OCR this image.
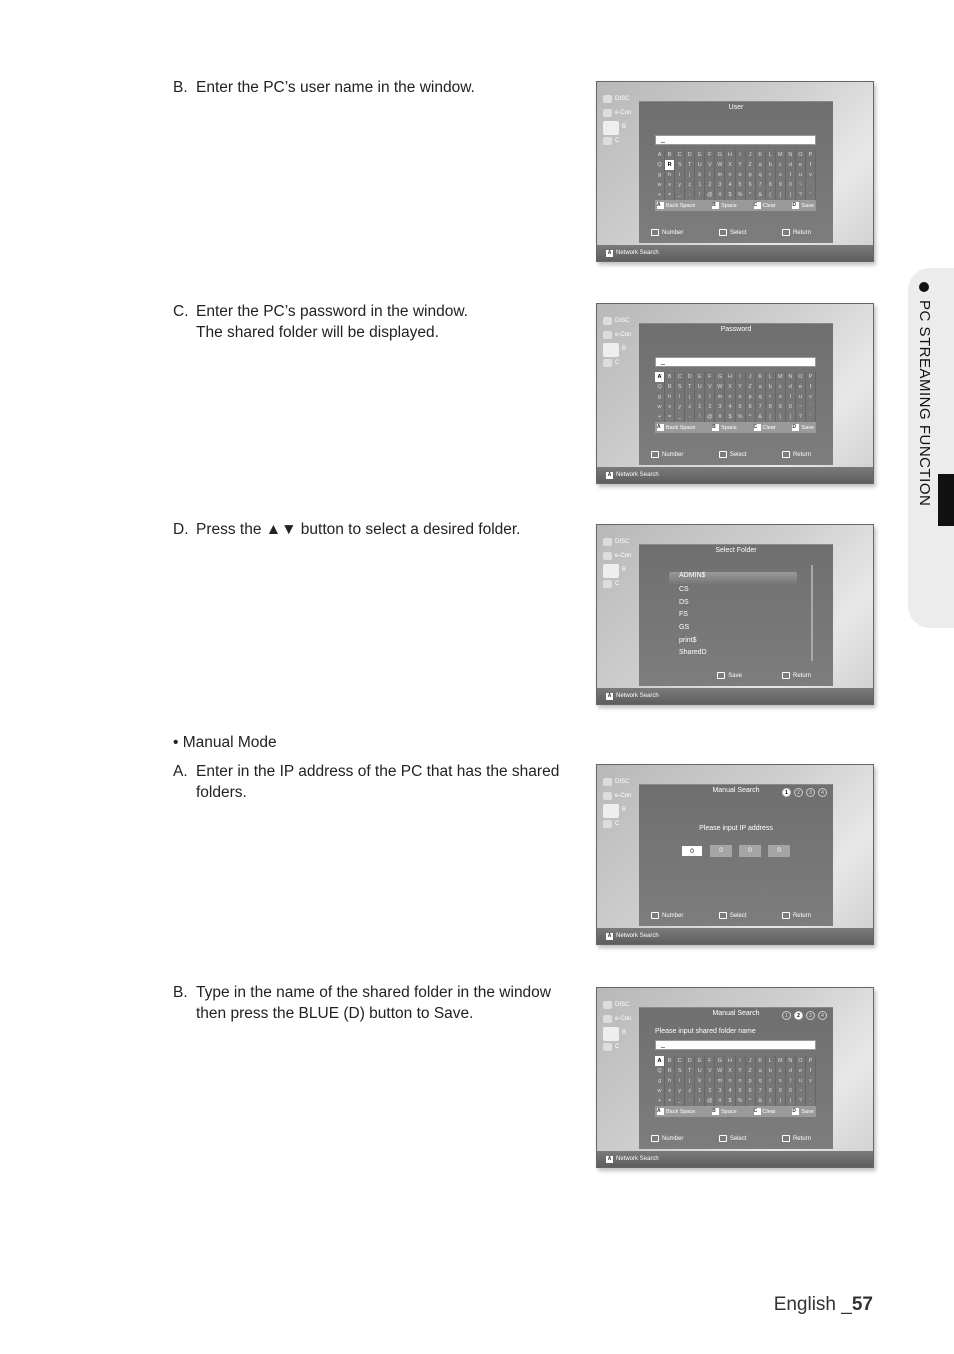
B. Enter the PC’s user name in the window.
C. Enter the PC’s password in the window.
The shared folder will be displayed.
D. Press the ▲▼ button to select a desired folder.
• Manual Mode
A. Enter in the IP address of the PC that has the shared
folders.
B. Type in the name of the shared folder in the window
then press the BLUE (D) button to Save.
PC STREAMING FUNCTION
English _57
DISC
e-Con
B
C
User
_
A	B	C	D	E	F	G	H	I	J	K	L	M	N	O	P
Q	R	S	T	U	V	W	X	Y	Z	a	b	c	d	e	f
g	h	i	j	k	l	m	n	o	p	q	r	s	t	u	v
w	x	y	z	1	2	3	4	5	6	7	8	9	0	~	`
+	=	_	-	!	@	#	$	%	^	&	(	)	|	?	'
A Back Space	B Space	C Clear	D Save
Number	Select	Return
A Network Search
DISC
e-Con
B
C
Password
_
A	B	C	D	E	F	G	H	I	J	K	L	M	N	O	P
Q	R	S	T	U	V	W	X	Y	Z	a	b	c	d	e	f
g	h	i	j	k	l	m	n	o	p	q	r	s	t	u	v
w	x	y	z	1	2	3	4	5	6	7	8	9	0	~	`
+	=	_	-	!	@	#	$	%	^	&	(	)	|	?	'
A Back Space	B Space	C Clear	D Save
Number	Select	Return
A Network Search
DISC
e-Con
B
C
Select Folder
ADMIN$
CS
DS
FS
GS
print$
SharedD
Save	Return
A Network Search
DISC
e-Con
B
C
Manual Search	1	2	3	4
Please input IP address
0	0	0	0
Number	Select	Return
A Network Search
DISC
e-Con
B
C
Manual Search	1	2	3	4
Please input shared folder name
_
A	B	C	D	E	F	G	H	I	J	K	L	M	N	O	P
Q	R	S	T	U	V	W	X	Y	Z	a	b	c	d	e	f
g	h	i	j	k	l	m	n	o	p	q	r	s	t	u	v
w	x	y	z	1	2	3	4	5	6	7	8	9	0	~	`
+	=	_	-	!	@	#	$	%	^	&	(	)	|	?	'
A Back Space	B Space	C Clear	D Save
Number	Select	Return
A Network Search
